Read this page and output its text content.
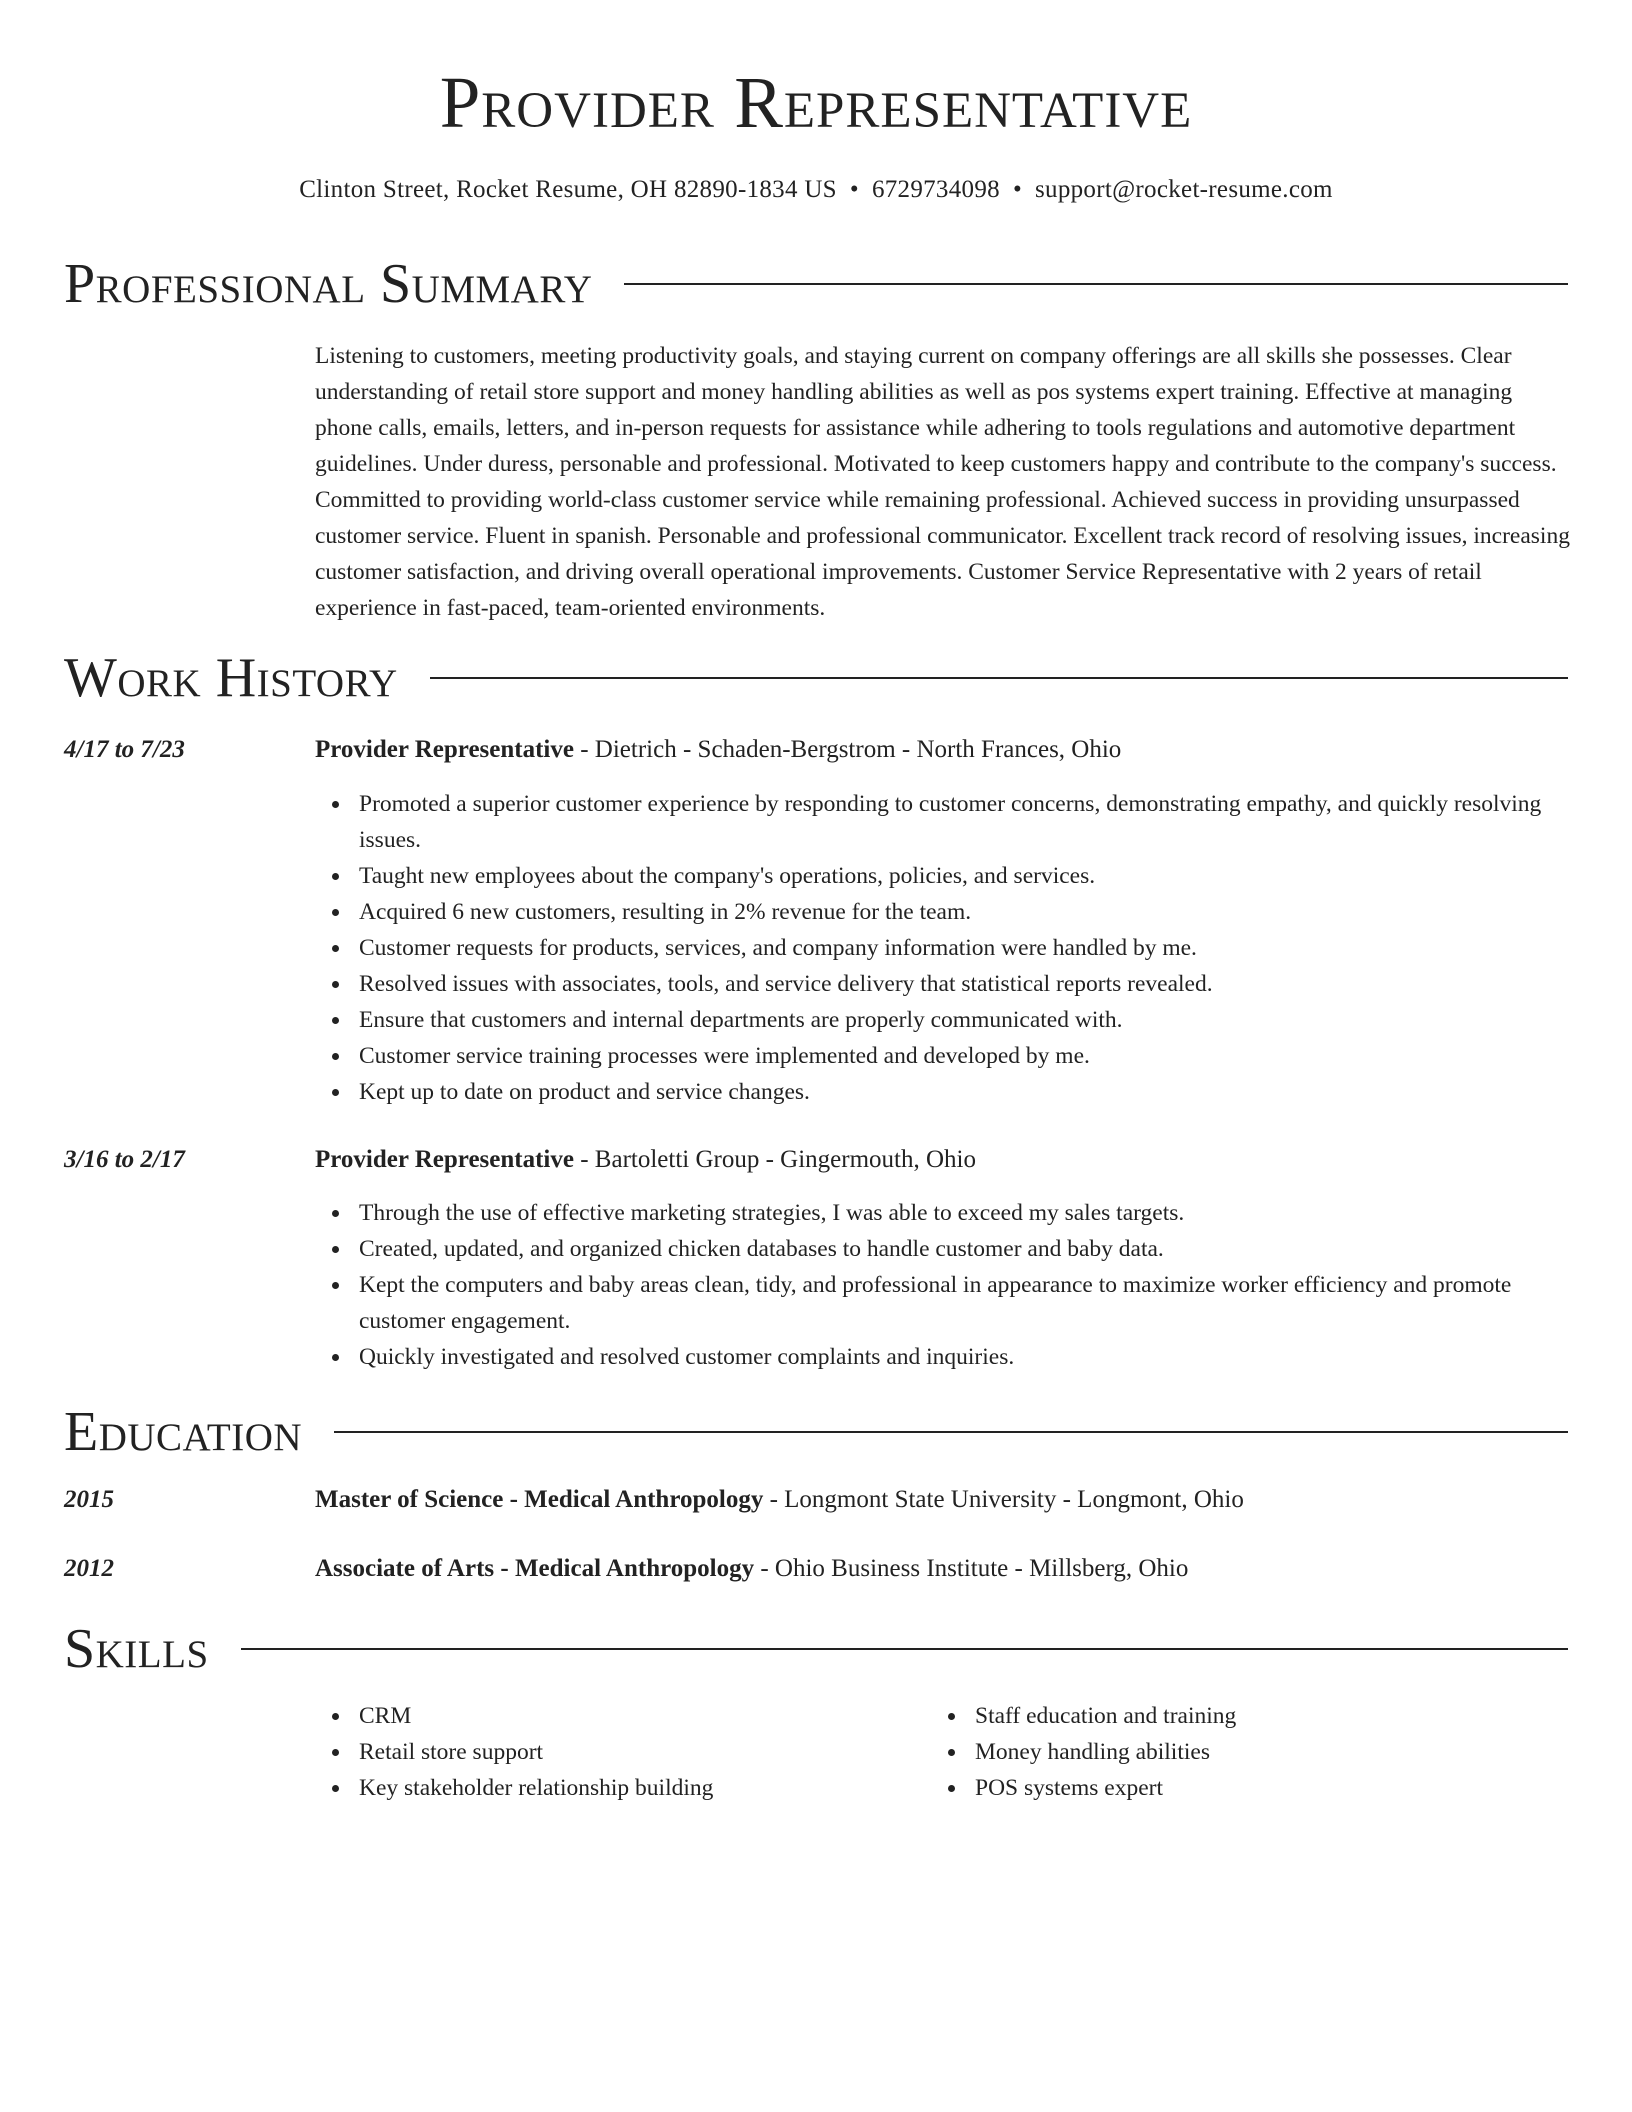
Provider Representative
Clinton Street, Rocket Resume, OH 82890-1834 US • 6729734098 • support@rocket-resume.com
Professional Summary
Listening to customers, meeting productivity goals, and staying current on company offerings are all skills she possesses. Clear understanding of retail store support and money handling abilities as well as pos systems expert training. Effective at managing phone calls, emails, letters, and in-person requests for assistance while adhering to tools regulations and automotive department guidelines. Under duress, personable and professional. Motivated to keep customers happy and contribute to the company's success. Committed to providing world-class customer service while remaining professional. Achieved success in providing unsurpassed customer service. Fluent in spanish. Personable and professional communicator. Excellent track record of resolving issues, increasing customer satisfaction, and driving overall operational improvements. Customer Service Representative with 2 years of retail experience in fast-paced, team-oriented environments.
Work History
4/17 to 7/23	Provider Representative - Dietrich - Schaden-Bergstrom - North Frances, Ohio
Promoted a superior customer experience by responding to customer concerns, demonstrating empathy, and quickly resolving issues.
Taught new employees about the company's operations, policies, and services.
Acquired 6 new customers, resulting in 2% revenue for the team.
Customer requests for products, services, and company information were handled by me.
Resolved issues with associates, tools, and service delivery that statistical reports revealed.
Ensure that customers and internal departments are properly communicated with.
Customer service training processes were implemented and developed by me.
Kept up to date on product and service changes.
3/16 to 2/17	Provider Representative - Bartoletti Group - Gingermouth, Ohio
Through the use of effective marketing strategies, I was able to exceed my sales targets.
Created, updated, and organized chicken databases to handle customer and baby data.
Kept the computers and baby areas clean, tidy, and professional in appearance to maximize worker efficiency and promote customer engagement.
Quickly investigated and resolved customer complaints and inquiries.
Education
2015	Master of Science - Medical Anthropology - Longmont State University - Longmont, Ohio
2012	Associate of Arts - Medical Anthropology - Ohio Business Institute - Millsberg, Ohio
Skills
CRM
Retail store support
Key stakeholder relationship building
Staff education and training
Money handling abilities
POS systems expert
